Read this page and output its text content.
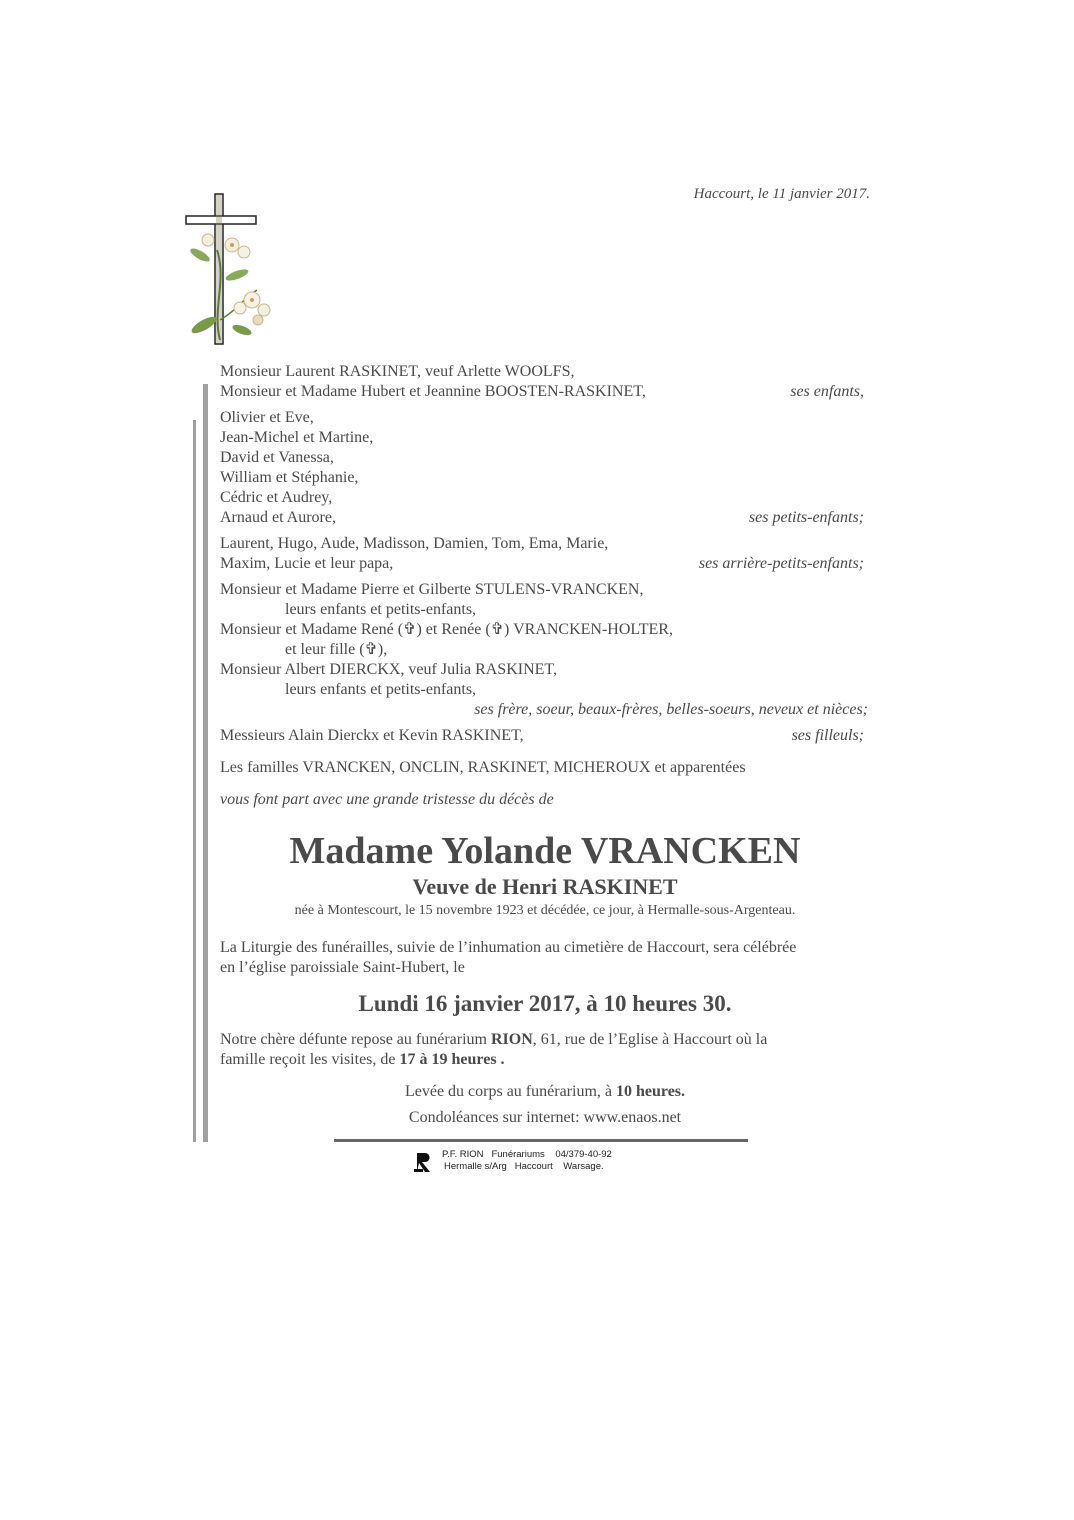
Haccourt, le 11 janvier 2017.
Monsieur Laurent RASKINET, veuf Arlette WOOLFS,
Monsieur et Madame Hubert et Jeannine BOOSTEN-RASKINET,	ses enfants,
Olivier et Eve,
Jean-Michel et Martine,
David et Vanessa,
William et Stéphanie,
Cédric et Audrey,
Arnaud et Aurore,	ses petits-enfants;
Laurent, Hugo, Aude, Madisson, Damien, Tom, Ema, Marie,
Maxim, Lucie et leur papa,	ses arrière-petits-enfants;
Monsieur et Madame Pierre et Gilberte STULENS-VRANCKEN,
leurs enfants et petits-enfants,
Monsieur et Madame René (✞) et Renée (✞) VRANCKEN-HOLTER,
et leur fille (✞),
Monsieur Albert DIERCKX, veuf Julia RASKINET,
leurs enfants et petits-enfants,
ses frère, soeur, beaux-frères, belles-soeurs, neveux et nièces;
Messieurs Alain Dierckx et Kevin RASKINET,	ses filleuls;
Les familles VRANCKEN, ONCLIN, RASKINET, MICHEROUX et apparentées
vous font part avec une grande tristesse du décès de
Madame Yolande VRANCKEN
Veuve de Henri RASKINET
née à Montescourt, le 15 novembre 1923 et décédée, ce jour, à Hermalle-sous-Argenteau.
La Liturgie des funérailles, suivie de l’inhumation au cimetière de Haccourt, sera célébrée
en l’église paroissiale Saint-Hubert, le
Lundi 16 janvier 2017, à 10 heures 30.
Notre chère défunte repose au funérarium RION, 61, rue de l’Eglise à Haccourt où la
famille reçoit les visites, de 17 à 19 heures .
Levée du corps au funérarium, à 10 heures.
Condoléances sur internet: www.enaos.net
P.F. RION   Funérariums    04/379-40-92
Hermalle s/Arg   Haccourt    Warsage.
